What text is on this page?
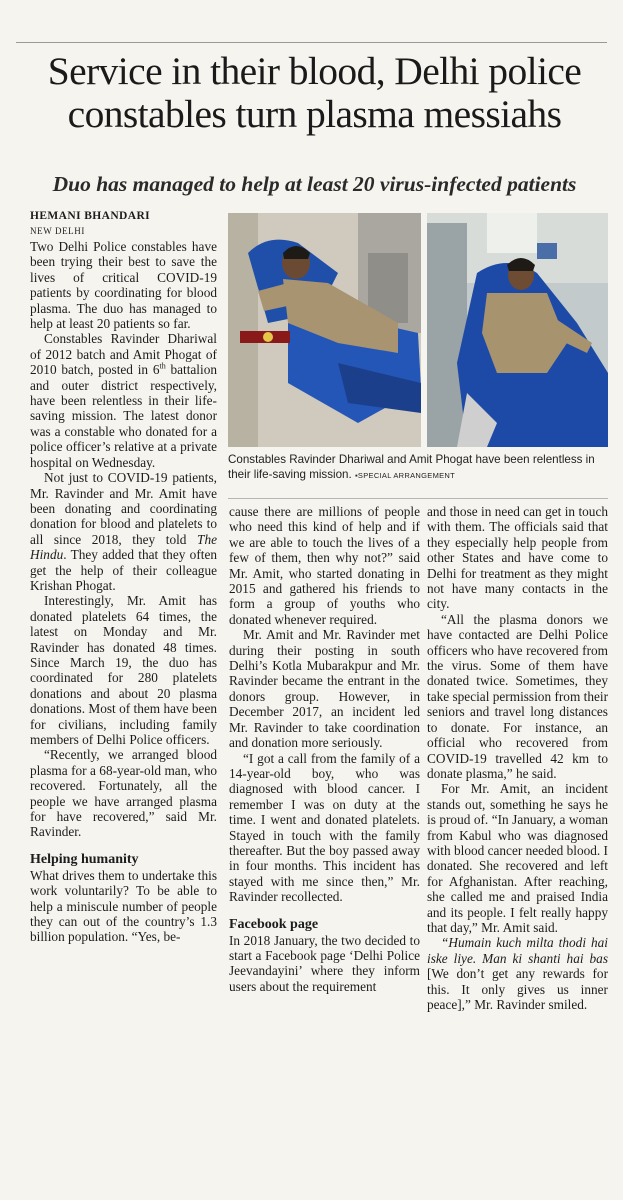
Service in their blood, Delhi police constables turn plasma messiahs
Duo has managed to help at least 20 virus-infected patients
HEMANI BHANDARI
NEW DELHI

Two Delhi Police constables have been trying their best to save the lives of critical COVID-19 patients by coordinating for blood plasma. The duo has managed to help at least 20 patients so far.

Constables Ravinder Dhariwal of 2012 batch and Amit Phogat of 2010 batch, posted in 6th battalion and outer district respectively, have been relentless in their life-saving mission. The latest donor was a constable who donated for a police officer’s relative at a private hospital on Wednesday.

Not just to COVID-19 patients, Mr. Ravinder and Mr. Amit have been donating and coordinating donation for blood and platelets to all since 2018, they told The Hindu. They added that they often get the help of their colleague Krishan Phogat.

Interestingly, Mr. Amit has donated platelets 64 times, the latest on Monday and Mr. Ravinder has donated 48 times. Since March 19, the duo has coordinated for 280 platelets donations and about 20 plasma donations. Most of them have been for civilians, including family members of Delhi Police officers.

“Recently, we arranged blood plasma for a 68-year-old man, who recovered. Fortunately, all the people we have arranged plasma for have recovered,” said Mr. Ravinder.

Helping humanity

What drives them to undertake this work voluntarily? To be able to help a miniscule number of people they can out of the country’s 1.3 billion population. “Yes, be-

Constables Ravinder Dhariwal and Amit Phogat have been relentless in their life-saving mission. ▪SPECIAL ARRANGEMENT

cause there are millions of people who need this kind of help and if we are able to touch the lives of a few of them, then why not?” said Mr. Amit, who started donating in 2015 and gathered his friends to form a group of youths who donated whenever required.

Mr. Amit and Mr. Ravinder met during their posting in south Delhi’s Kotla Mubarakpur and Mr. Ravinder became the entrant in the donors group. However, in December 2017, an incident led Mr. Ravinder to take coordination and donation more seriously.

“I got a call from the family of a 14-year-old boy, who was diagnosed with blood cancer. I remember I was on duty at the time. I went and donated platelets. Stayed in touch with the family thereafter. But the boy passed away in four months. This incident has stayed with me since then,” Mr. Ravinder recollected.

Facebook page

In 2018 January, the two decided to start a Facebook page ‘Delhi Police Jeevandayini’ where they inform users about the requirement

and those in need can get in touch with them. The officials said that they especially help people from other States and have come to Delhi for treatment as they might not have many contacts in the city.

“All the plasma donors we have contacted are Delhi Police officers who have recovered from the virus. Some of them have donated twice. Sometimes, they take special permission from their seniors and travel long distances to donate. For instance, an official who recovered from COVID-19 travelled 42 km to donate plasma,” he said.

For Mr. Amit, an incident stands out, something he says he is proud of. “In January, a woman from Kabul who was diagnosed with blood cancer needed blood. I donated. She recovered and left for Afghanistan. After reaching, she called me and praised India and its people. I felt really happy that day,” Mr. Amit said.

“Humain kuch milta thodi hai iske liye. Man ki shanti hai bas [We don’t get any rewards for this. It only gives us inner peace],” Mr. Ravinder smiled.
